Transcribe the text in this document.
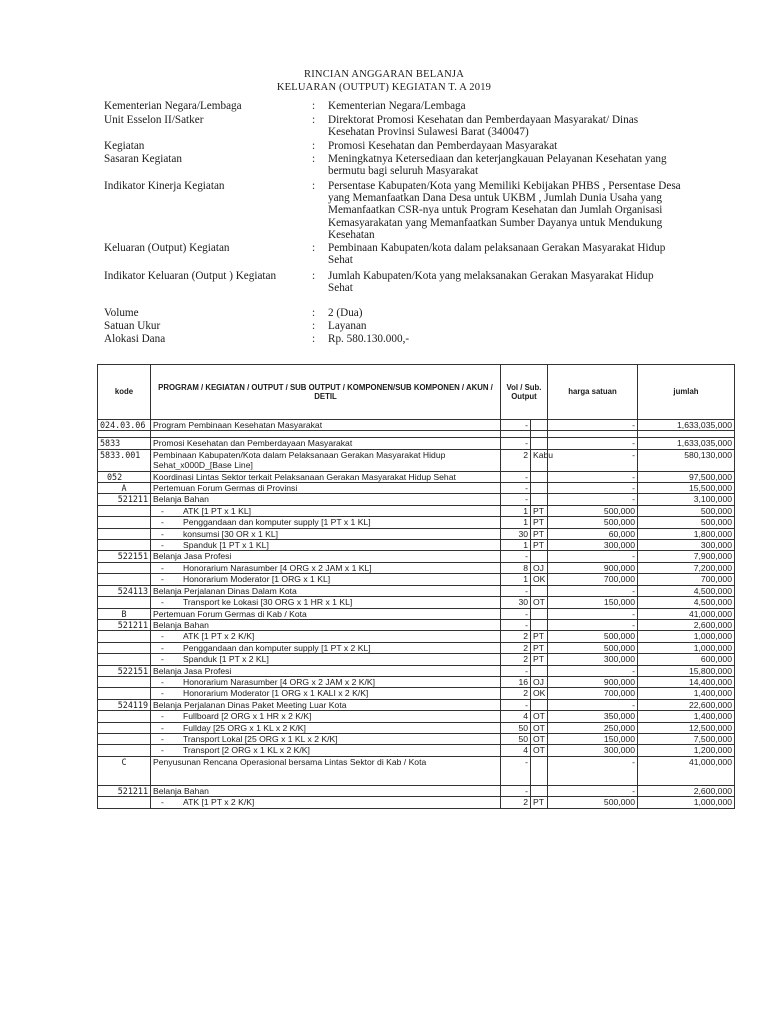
RINCIAN ANGGARAN BELANJA
KELUARAN (OUTPUT) KEGIATAN T. A 2019
Kementerian Negara/Lembaga	:	Kementerian Negara/Lembaga
Unit Esselon II/Satker	:	Direktorat Promosi Kesehatan dan Pemberdayaan Masyarakat/ Dinas
Kesehatan Provinsi Sulawesi Barat (340047)
Kegiatan	:	Promosi Kesehatan dan Pemberdayaan Masyarakat
Sasaran Kegiatan	:	Meningkatnya Ketersediaan dan keterjangkauan Pelayanan Kesehatan yang
bermutu bagi seluruh Masyarakat
Indikator Kinerja Kegiatan	:	Persentase Kabupaten/Kota yang Memiliki Kebijakan PHBS , Persentase Desa
yang Memanfaatkan Dana Desa untuk UKBM , Jumlah Dunia Usaha yang
Memanfaatkan CSR-nya untuk Program Kesehatan dan Jumlah Organisasi
Kemasyarakatan yang Memanfaatkan Sumber Dayanya untuk Mendukung
Kesehatan
Keluaran (Output) Kegiatan	:	Pembinaan Kabupaten/kota dalam pelaksanaan Gerakan Masyarakat Hidup
Sehat
Indikator Keluaran (Output ) Kegiatan	:	Jumlah Kabupaten/Kota yang melaksanakan Gerakan Masyarakat Hidup
Sehat
Volume	:	2 (Dua)
Satuan Ukur	:	Layanan
Alokasi Dana	:	Rp. 580.130.000,-
kode	PROGRAM / KEGIATAN / OUTPUT / SUB OUTPUT / KOMPONEN/SUB KOMPONEN / AKUN / DETIL	Vol / Sub. Output		harga satuan	jumlah
024.03.06	Program Pembinaan Kesehatan Masyarakat	-		-	1,633,035,000

5833	Promosi Kesehatan dan Pemberdayaan Masyarakat	-		-	1,633,035,000
5833.001	Pembinaan Kabupaten/Kota dalam Pelaksanaan Gerakan Masyarakat Hidup Sehat_x000D_[Base Line]	2	Kabu	-	580,130,000
052	Koordinasi Lintas Sektor terkait Pelaksanaan Gerakan Masyarakat Hidup Sehat	-		-	97,500,000
A	Pertemuan Forum Germas di Provinsi	-		-	15,500,000
521211	Belanja Bahan	-		-	3,100,000
	- ATK [1 PT x 1 KL]	1	PT	500,000	500,000
	- Penggandaan dan komputer supply [1 PT x 1 KL]	1	PT	500,000	500,000
	- konsumsi [30 OR x 1 KL]	30	PT	60,000	1,800,000
	- Spanduk [1 PT x 1 KL]	1	PT	300,000	300,000
522151	Belanja Jasa Profesi	-		-	7,900,000
	- Honorarium Narasumber [4 ORG x 2 JAM x 1 KL]	8	OJ	900,000	7,200,000
	- Honorarium Moderator [1 ORG x 1 KL]	1	OK	700,000	700,000
524113	Belanja Perjalanan Dinas Dalam Kota	-		-	4,500,000
	- Transport ke Lokasi [30 ORG x 1 HR x 1 KL]	30	OT	150,000	4,500,000
B	Pertemuan Forum Germas di Kab / Kota	-		-	41,000,000
521211	Belanja Bahan	-		-	2,600,000
	- ATK [1 PT x 2 K/K]	2	PT	500,000	1,000,000
	- Penggandaan dan komputer supply [1 PT x 2 KL]	2	PT	500,000	1,000,000
	- Spanduk [1 PT x 2 KL]	2	PT	300,000	600,000
522151	Belanja Jasa Profesi	-		-	15,800,000
	- Honorarium Narasumber [4 ORG x 2 JAM x 2 K/K]	16	OJ	900,000	14,400,000
	- Honorarium Moderator [1 ORG x 1 KALI x 2 K/K]	2	OK	700,000	1,400,000
524119	Belanja Perjalanan Dinas Paket Meeting Luar Kota	-		-	22,600,000
	- Fullboard [2 ORG x 1 HR x 2 K/K]	4	OT	350,000	1,400,000
	- Fullday [25 ORG x 1 KL x 2 K/K]	50	OT	250,000	12,500,000
	- Transport Lokal [25 ORG x 1 KL x 2 K/K]	50	OT	150,000	7,500,000
	- Transport [2 ORG x 1 KL x 2 K/K]	4	OT	300,000	1,200,000
C	Penyusunan Rencana Operasional bersama Lintas Sektor di Kab / Kota	-		-	41,000,000
521211	Belanja Bahan	-		-	2,600,000
	- ATK [1 PT x 2 K/K]	2	PT	500,000	1,000,000
